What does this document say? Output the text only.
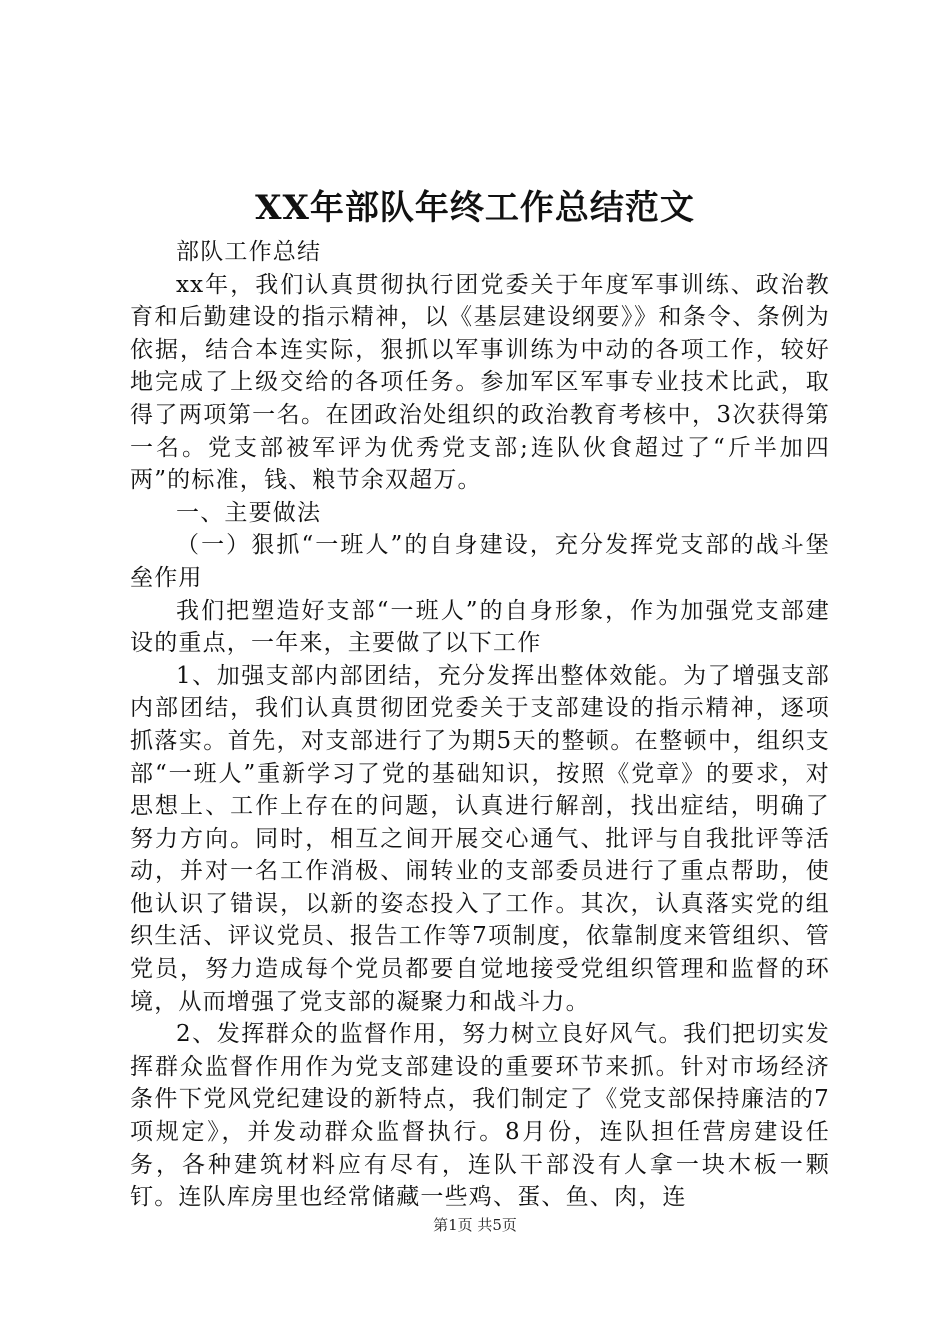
XX年部队年终工作总结范文

部队工作总结

xx年，我们认真贯彻执行团党委关于年度军事训练、政治教育和后勤建设的指示精神，以《基层建设纲要》》和条令、条例为依据，结合本连实际，狠抓以军事训练为中动的各项工作，较好地完成了上级交给的各项任务。参加军区军事专业技术比武，取得了两项第一名。在团政治处组织的政治教育考核中，3次获得第一名。党支部被军评为优秀党支部;连队伙食超过了“斤半加四两”的标准，钱、粮节余双超万。

一、主要做法

（一）狠抓“一班人”的自身建设，充分发挥党支部的战斗堡垒作用

我们把塑造好支部“一班人”的自身形象，作为加强党支部建设的重点，一年来，主要做了以下工作

1、加强支部内部团结，充分发挥出整体效能。为了增强支部内部团结，我们认真贯彻团党委关于支部建设的指示精神，逐项抓落实。首先，对支部进行了为期5天的整顿。在整顿中，组织支部“一班人”重新学习了党的基础知识，按照《党章》的要求，对思想上、工作上存在的问题，认真进行解剖，找出症结，明确了努力方向。同时，相互之间开展交心通气、批评与自我批评等活动，并对一名工作消极、闹转业的支部委员进行了重点帮助，使他认识了错误，以新的姿态投入了工作。其次，认真落实党的组织生活、评议党员、报告工作等7项制度，依靠制度来管组织、管党员，努力造成每个党员都要自觉地接受党组织管理和监督的环境，从而增强了党支部的凝聚力和战斗力。

2、发挥群众的监督作用，努力树立良好风气。我们把切实发挥群众监督作用作为党支部建设的重要环节来抓。针对市场经济条件下党风党纪建设的新特点，我们制定了《党支部保持廉洁的7项规定》，并发动群众监督执行。8月份，连队担任营房建设任务，各种建筑材料应有尽有，连队干部没有人拿一块木板一颗钉。连队库房里也经常储藏一些鸡、蛋、鱼、肉，连

第1页 共5页
